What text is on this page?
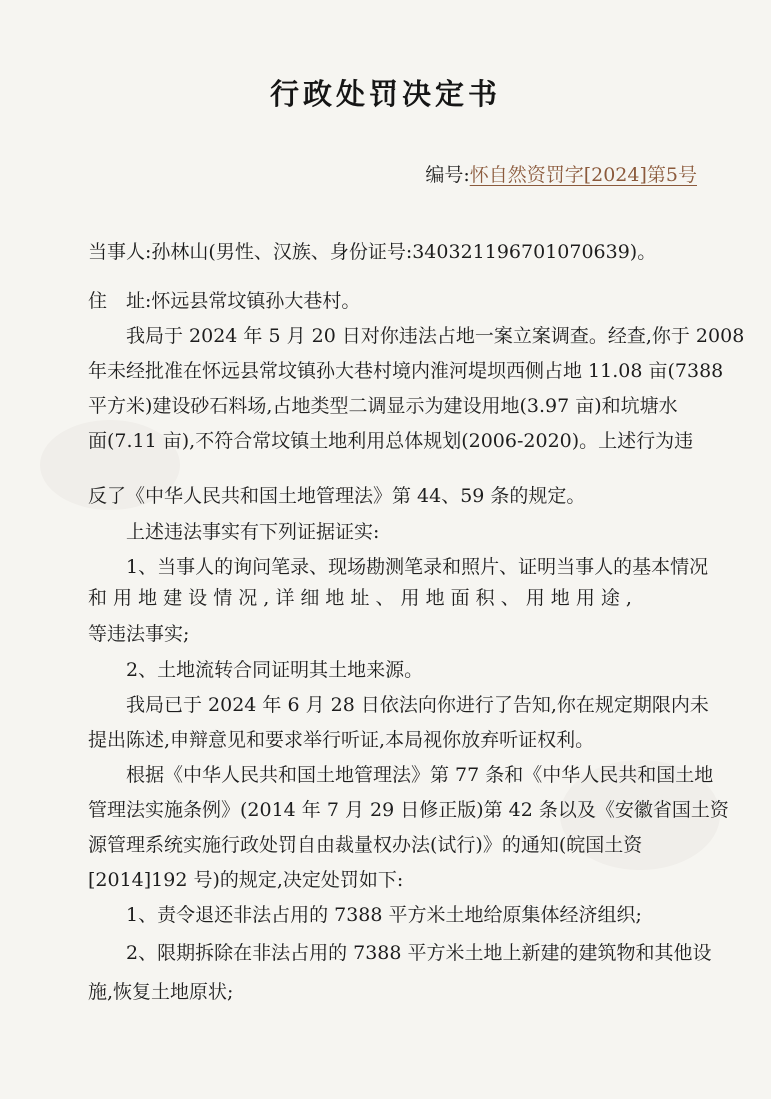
行政处罚决定书
编号:怀自然资罚字[2024]第5号
当事人:孙林山(男性、汉族、身份证号:340321196701070639)。
住　址:怀远县常坟镇孙大巷村。
　　我局于 2024 年 5 月 20 日对你违法占地一案立案调查。经查,你于 2008
年未经批准在怀远县常坟镇孙大巷村境内淮河堤坝西侧占地 11.08 亩(7388
平方米)建设砂石料场,占地类型二调显示为建设用地(3.97 亩)和坑塘水
面(7.11 亩),不符合常坟镇土地利用总体规划(2006-2020)。上述行为违
反了《中华人民共和国土地管理法》第 44、59 条的规定。
　　上述违法事实有下列证据证实:
　　1、当事人的询问笔录、现场勘测笔录和照片、证明当事人的基本情况
和 用 地 建 设 情 况 , 详 细 地 址 、 用 地 面 积 、 用 地 用 途 ,
等违法事实;
　　2、土地流转合同证明其土地来源。
　　我局已于 2024 年 6 月 28 日依法向你进行了告知,你在规定期限内未
提出陈述,申辩意见和要求举行听证,本局视你放弃听证权利。
　　根据《中华人民共和国土地管理法》第 77 条和《中华人民共和国土地
管理法实施条例》(2014 年 7 月 29 日修正版)第 42 条以及《安徽省国土资
源管理系统实施行政处罚自由裁量权办法(试行)》的通知(皖国土资
[2014]192 号)的规定,决定处罚如下:
　　1、责令退还非法占用的 7388 平方米土地给原集体经济组织;
　　2、限期拆除在非法占用的 7388 平方米土地上新建的建筑物和其他设
施,恢复土地原状;
